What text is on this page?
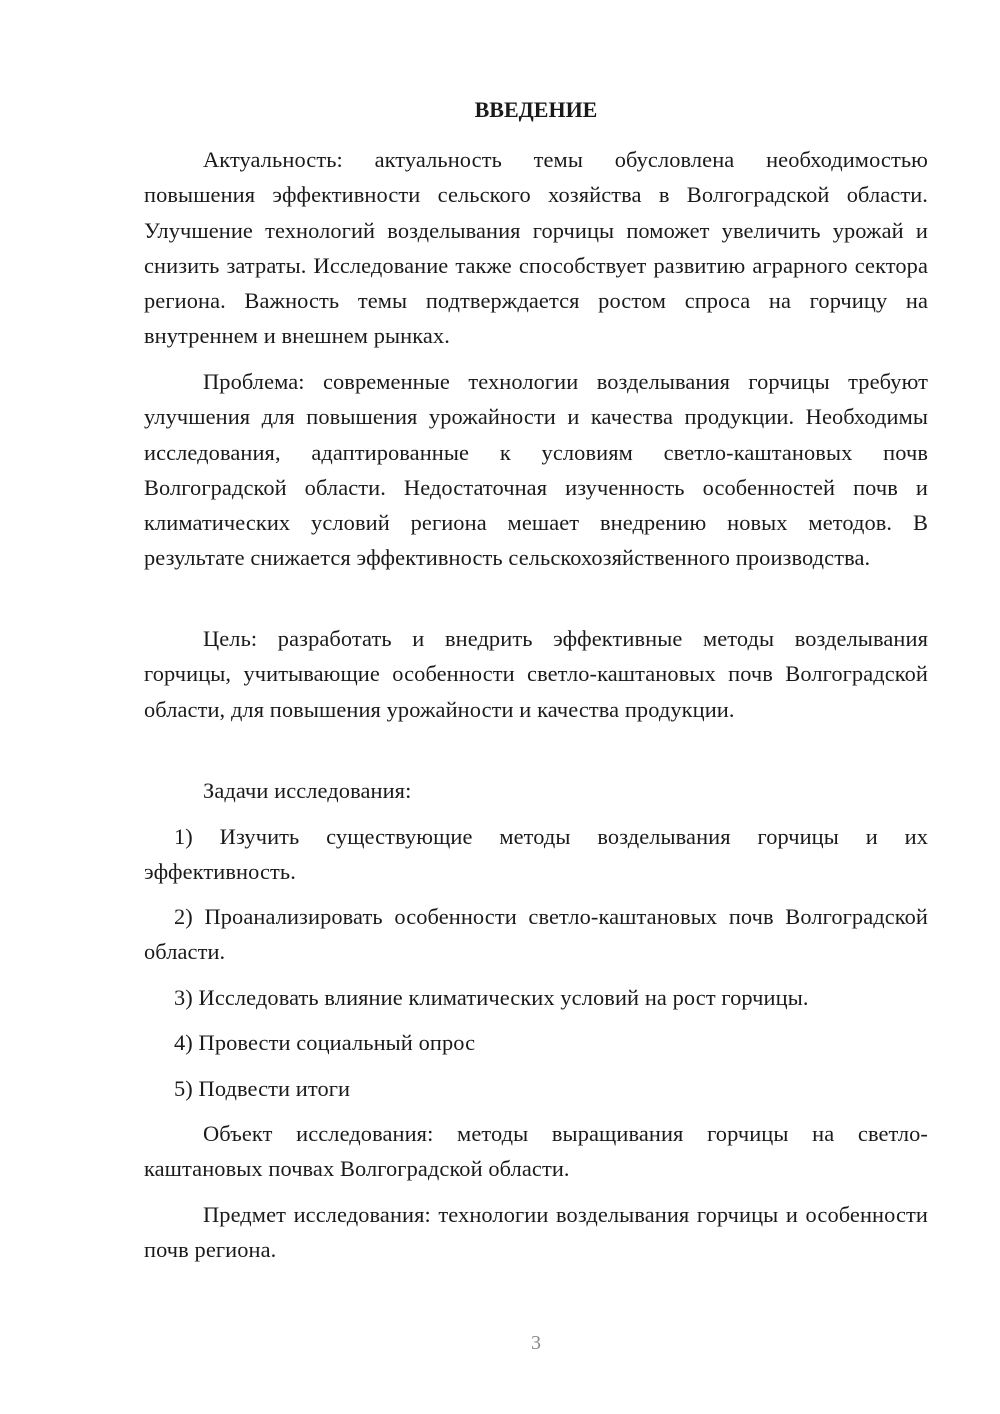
ВВЕДЕНИЕ

Актуальность: актуальность темы обусловлена необходимостью повышения эффективности сельского хозяйства в Волгоградской области. Улучшение технологий возделывания горчицы поможет увеличить урожай и снизить затраты. Исследование также способствует развитию аграрного сектора региона. Важность темы подтверждается ростом спроса на горчицу на внутреннем и внешнем рынках.

Проблема: современные технологии возделывания горчицы требуют улучшения для повышения урожайности и качества продукции. Необходимы исследования, адаптированные к условиям светло-каштановых почв Волгоградской области. Недостаточная изученность особенностей почв и климатических условий региона мешает внедрению новых методов. В результате снижается эффективность сельскохозяйственного производства.

Цель: разработать и внедрить эффективные методы возделывания горчицы, учитывающие особенности светло-каштановых почв Волгоградской области, для повышения урожайности и качества продукции.

Задачи исследования:

1) Изучить существующие методы возделывания горчицы и их эффективность.

2) Проанализировать особенности светло-каштановых почв Волгоградской области.

3) Исследовать влияние климатических условий на рост горчицы.

4) Провести социальный опрос

5) Подвести итоги

Объект исследования: методы выращивания горчицы на светло-каштановых почвах Волгоградской области.

Предмет исследования: технологии возделывания горчицы и особенности почв региона.

3
